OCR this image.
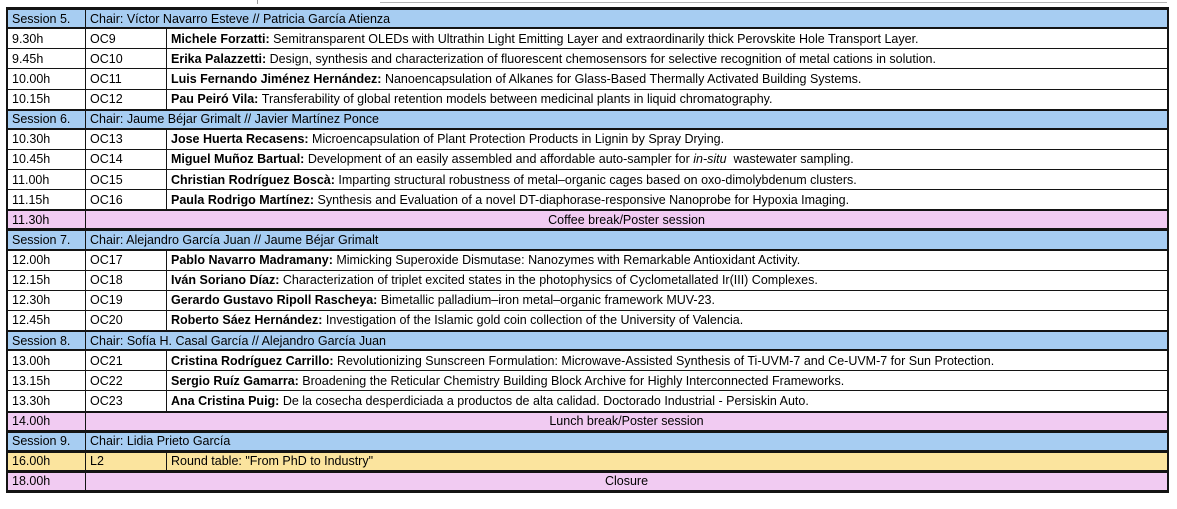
Session 5.	Chair: Víctor Navarro Esteve // Patricia García Atienza
9.30h	OC9	Michele Forzatti: Semitransparent OLEDs with Ultrathin Light Emitting Layer and extraordinarily thick Perovskite Hole Transport Layer.
9.45h	OC10	Erika Palazzetti: Design, synthesis and characterization of fluorescent chemosensors for selective recognition of metal cations in solution.
10.00h	OC11	Luis Fernando Jiménez Hernández: Nanoencapsulation of Alkanes for Glass-Based Thermally Activated Building Systems.
10.15h	OC12	Pau Peiró Vila: Transferability of global retention models between medicinal plants in liquid chromatography.
Session 6.	Chair: Jaume Béjar Grimalt // Javier Martínez Ponce
10.30h	OC13	Jose Huerta Recasens: Microencapsulation of Plant Protection Products in Lignin by Spray Drying.
10.45h	OC14	Miguel Muñoz Bartual: Development of an easily assembled and affordable auto-sampler for in-situ wastewater sampling.
11.00h	OC15	Christian Rodríguez Boscà: Imparting structural robustness of metal–organic cages based on oxo-dimolybdenum clusters.
11.15h	OC16	Paula Rodrigo Martínez: Synthesis and Evaluation of a novel DT-diaphorase-responsive Nanoprobe for Hypoxia Imaging.
11.30h	Coffee break/Poster session
Session 7.	Chair: Alejandro García Juan // Jaume Béjar Grimalt
12.00h	OC17	Pablo Navarro Madramany: Mimicking Superoxide Dismutase: Nanozymes with Remarkable Antioxidant Activity.
12.15h	OC18	Iván Soriano Díaz: Characterization of triplet excited states in the photophysics of Cyclometallated Ir(III) Complexes.
12.30h	OC19	Gerardo Gustavo Ripoll Rascheya: Bimetallic palladium–iron metal–organic framework MUV-23.
12.45h	OC20	Roberto Sáez Hernández: Investigation of the Islamic gold coin collection of the University of Valencia.
Session 8.	Chair: Sofía H. Casal García // Alejandro García Juan
13.00h	OC21	Cristina Rodríguez Carrillo: Revolutionizing Sunscreen Formulation: Microwave-Assisted Synthesis of Ti-UVM-7 and Ce-UVM-7 for Sun Protection.
13.15h	OC22	Sergio Ruíz Gamarra: Broadening the Reticular Chemistry Building Block Archive for Highly Interconnected Frameworks.
13.30h	OC23	Ana Cristina Puig: De la cosecha desperdiciada a productos de alta calidad. Doctorado Industrial - Persiskin Auto.
14.00h	Lunch break/Poster session
Session 9.	Chair: Lidia Prieto García
16.00h	L2	Round table: "From PhD to Industry"
18.00h	Closure
